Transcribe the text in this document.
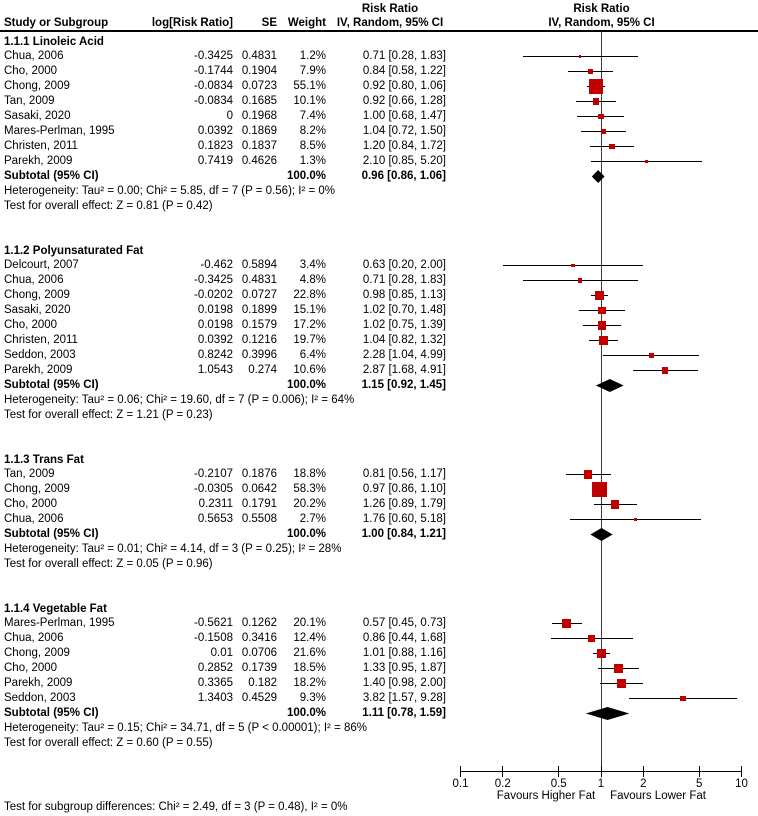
Risk Ratio	Risk Ratio
Study or Subgroup	log[Risk Ratio] SE Weight IV, Random, 95% CI	IV, Random, 95% CI
Favours Higher Fat	Favours Lower Fat
Test for subgroup differences: Chi² = 2.49, df = 3 (P = 0.48), I² = 0%
1.1.1 Linoleic Acid
Chua, 2006	-0.3425 0.4831 1.2%	0.71 [0.28, 1.83]
Cho, 2000	-0.1744 0.1904 7.9%	0.84 [0.58, 1.22]
Chong, 2009	-0.0834 0.0723 55.1%	0.92 [0.80, 1.06]
Tan, 2009	-0.0834 0.1685 10.1%	0.92 [0.66, 1.28]
Sasaki, 2020	0 0.1968 7.4%	1.00 [0.68, 1.47]
Mares-Perlman, 1995	0.0392 0.1869 8.2%	1.04 [0.72, 1.50]
Christen, 2011	0.1823 0.1837 8.5%	1.20 [0.84, 1.72]
Parekh, 2009	0.7419 0.4626 1.3%	2.10 [0.85, 5.20]
Subtotal (95% CI)	100.0%	0.96 [0.86, 1.06]
Heterogeneity: Tau² = 0.00; Chi² = 5.85, df = 7 (P = 0.56); I² = 0%
Test for overall effect: Z = 0.81 (P = 0.42)
1.1.2 Polyunsaturated Fat
Delcourt, 2007	-0.462 0.5894 3.4%	0.63 [0.20, 2.00]
Chua, 2006	-0.3425 0.4831 4.8%	0.71 [0.28, 1.83]
Chong, 2009	-0.0202 0.0727 22.8%	0.98 [0.85, 1.13]
Sasaki, 2020	0.0198 0.1899 15.1%	1.02 [0.70, 1.48]
Cho, 2000	0.0198 0.1579 17.2%	1.02 [0.75, 1.39]
Christen, 2011	0.0392 0.1216 19.7%	1.04 [0.82, 1.32]
Seddon, 2003	0.8242 0.3996 6.4%	2.28 [1.04, 4.99]
Parekh, 2009	1.0543 0.274 10.6%	2.87 [1.68, 4.91]
Subtotal (95% CI)	100.0%	1.15 [0.92, 1.45]
Heterogeneity: Tau² = 0.06; Chi² = 19.60, df = 7 (P = 0.006); I² = 64%
Test for overall effect: Z = 1.21 (P = 0.23)
1.1.3 Trans Fat
Tan, 2009	-0.2107 0.1876 18.8%	0.81 [0.56, 1.17]
Chong, 2009	-0.0305 0.0642 58.3%	0.97 [0.86, 1.10]
Cho, 2000	0.2311 0.1791 20.2%	1.26 [0.89, 1.79]
Chua, 2006	0.5653 0.5508 2.7%	1.76 [0.60, 5.18]
Subtotal (95% CI)	100.0%	1.00 [0.84, 1.21]
Heterogeneity: Tau² = 0.01; Chi² = 4.14, df = 3 (P = 0.25); I² = 28%
Test for overall effect: Z = 0.05 (P = 0.96)
1.1.4 Vegetable Fat
Mares-Perlman, 1995	-0.5621 0.1262 20.1%	0.57 [0.45, 0.73]
Chua, 2006	-0.1508 0.3416 12.4%	0.86 [0.44, 1.68]
Chong, 2009	0.01 0.0706 21.6%	1.01 [0.88, 1.16]
Cho, 2000	0.2852 0.1739 18.5%	1.33 [0.95, 1.87]
Parekh, 2009	0.3365 0.182 18.2%	1.40 [0.98, 2.00]
Seddon, 2003	1.3403 0.4529 9.3%	3.82 [1.57, 9.28]
Subtotal (95% CI)	100.0%	1.11 [0.78, 1.59]
Heterogeneity: Tau² = 0.15; Chi² = 34.71, df = 5 (P < 0.00001); I² = 86%
Test for overall effect: Z = 0.60 (P = 0.55)
0.1	0.2	0.5	1	2	5	10
